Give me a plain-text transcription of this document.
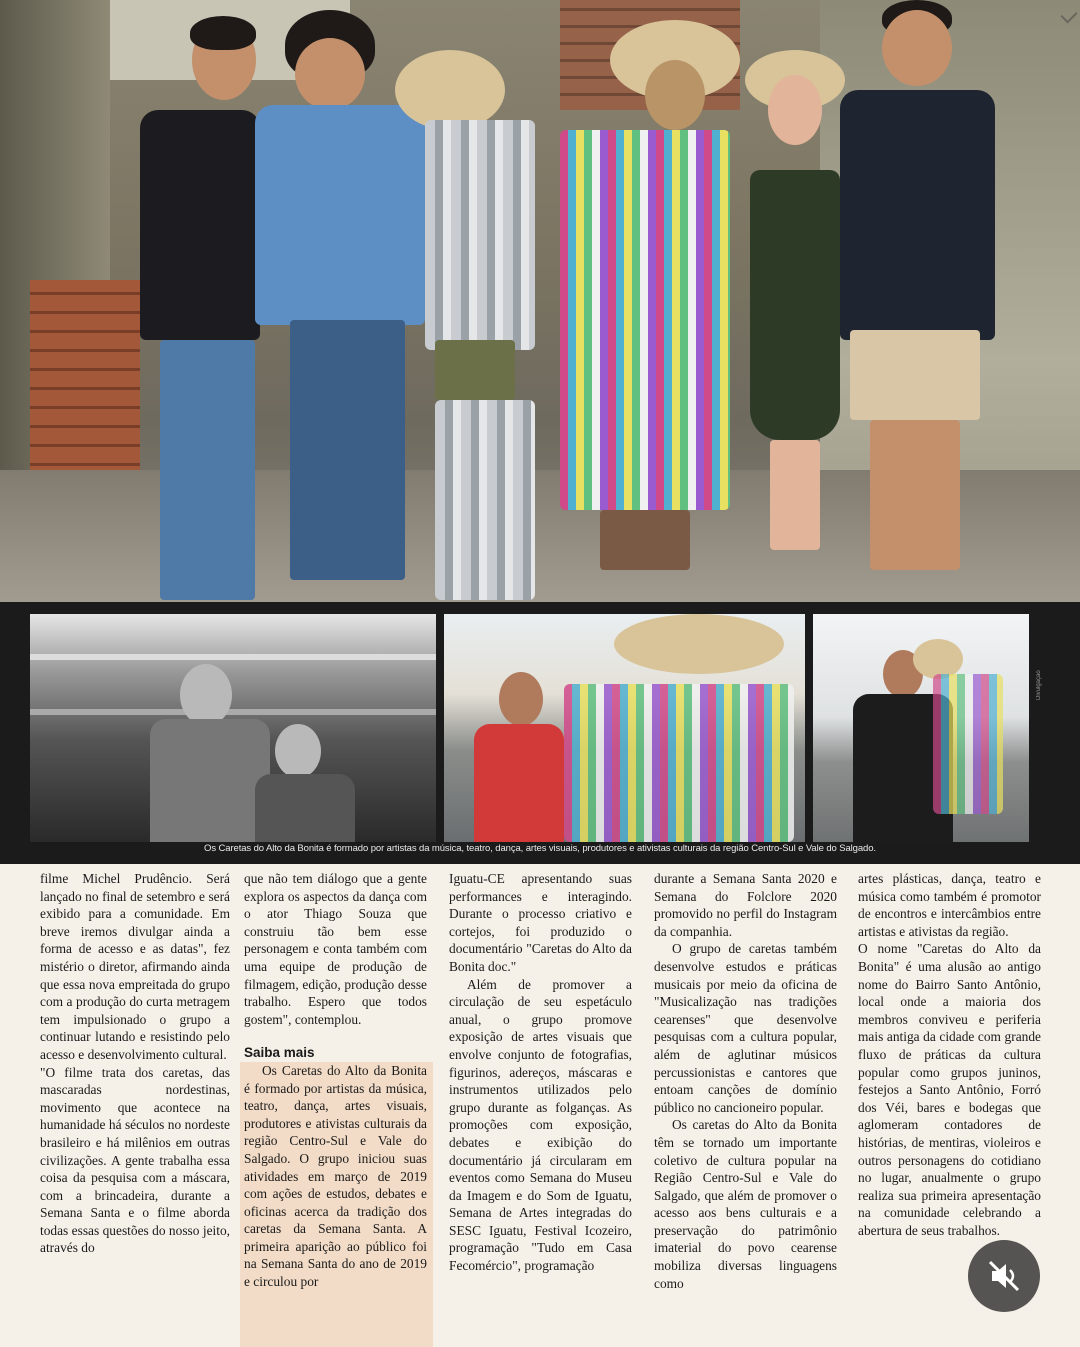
Divulgação
Os Caretas do Alto da Bonita é formado por artistas da música, teatro, dança, artes visuais, produtores e ativistas culturais da região Centro-Sul e Vale do Salgado.

filme Michel Prudêncio. Será lançado no final de setembro e será exibido para a comunidade. Em breve iremos divulgar ainda a forma de acesso e as datas", fez mistério o diretor, afirmando ainda que essa nova empreitada do grupo com a produção do curta metragem tem impulsionado o grupo a continuar lutando e resistindo pelo acesso e desenvolvimento cultural.

"O filme trata dos caretas, das mascaradas nordestinas, movimento que acontece na humanidade há séculos no nordeste brasileiro e há milênios em outras civilizações. A gente trabalha essa coisa da pesquisa com a máscara, com a brincadeira, durante a Semana Santa e o filme aborda todas essas questões do nosso jeito, através do

que não tem diálogo que a gente explora os aspectos da dança com o ator Thiago Souza que construiu tão bem esse personagem e conta também com uma equipe de produção de filmagem, edição, produção desse trabalho. Espero que todos gostem", contemplou.

Saiba mais

Os Caretas do Alto da Bonita é formado por artistas da música, teatro, dança, artes visuais, produtores e ativistas culturais da região Centro-Sul e Vale do Salgado. O grupo iniciou suas atividades em março de 2019 com ações de estudos, debates e oficinas acerca da tradição dos caretas da Semana Santa. A primeira aparição ao público foi na Semana Santa do ano de 2019 e circulou por

Iguatu-CE apresentando suas performances e interagindo. Durante o processo criativo e cortejos, foi produzido o documentário "Caretas do Alto da Bonita doc."

Além de promover a circulação de seu espetáculo anual, o grupo promove exposição de artes visuais que envolve conjunto de fotografias, figurinos, adereços, máscaras e instrumentos utilizados pelo grupo durante as folganças. As promoções com exposição, debates e exibição do documentário já circularam em eventos como Semana do Museu da Imagem e do Som de Iguatu, Semana de Artes integradas do SESC Iguatu, Festival Icozeiro, programação "Tudo em Casa Fecomércio", programação

durante a Semana Santa 2020 e Semana do Folclore 2020 promovido no perfil do Instagram da companhia.

O grupo de caretas também desenvolve estudos e práticas musicais por meio da oficina de "Musicalização nas tradições cearenses" que desenvolve pesquisas com a cultura popular, além de aglutinar músicos percussionistas e cantores que entoam canções de domínio público no cancioneiro popular.

Os caretas do Alto da Bonita têm se tornado um importante coletivo de cultura popular na Região Centro-Sul e Vale do Salgado, que além de promover o acesso aos bens culturais e a preservação do patrimônio imaterial do povo cearense mobiliza diversas linguagens como

artes plásticas, dança, teatro e música como também é promotor de encontros e intercâmbios entre artistas e ativistas da região.

O nome "Caretas do Alto da Bonita" é uma alusão ao antigo nome do Bairro Santo Antônio, local onde a maioria dos membros conviveu e periferia mais antiga da cidade com grande fluxo de práticas da cultura popular como grupos juninos, festejos a Santo Antônio, Forró dos Véi, bares e bodegas que aglomeram contadores de histórias, de mentiras, violeiros e outros personagens do cotidiano no lugar, anualmente o grupo realiza sua primeira apresentação na comunidade celebrando a abertura de seus trabalhos.
